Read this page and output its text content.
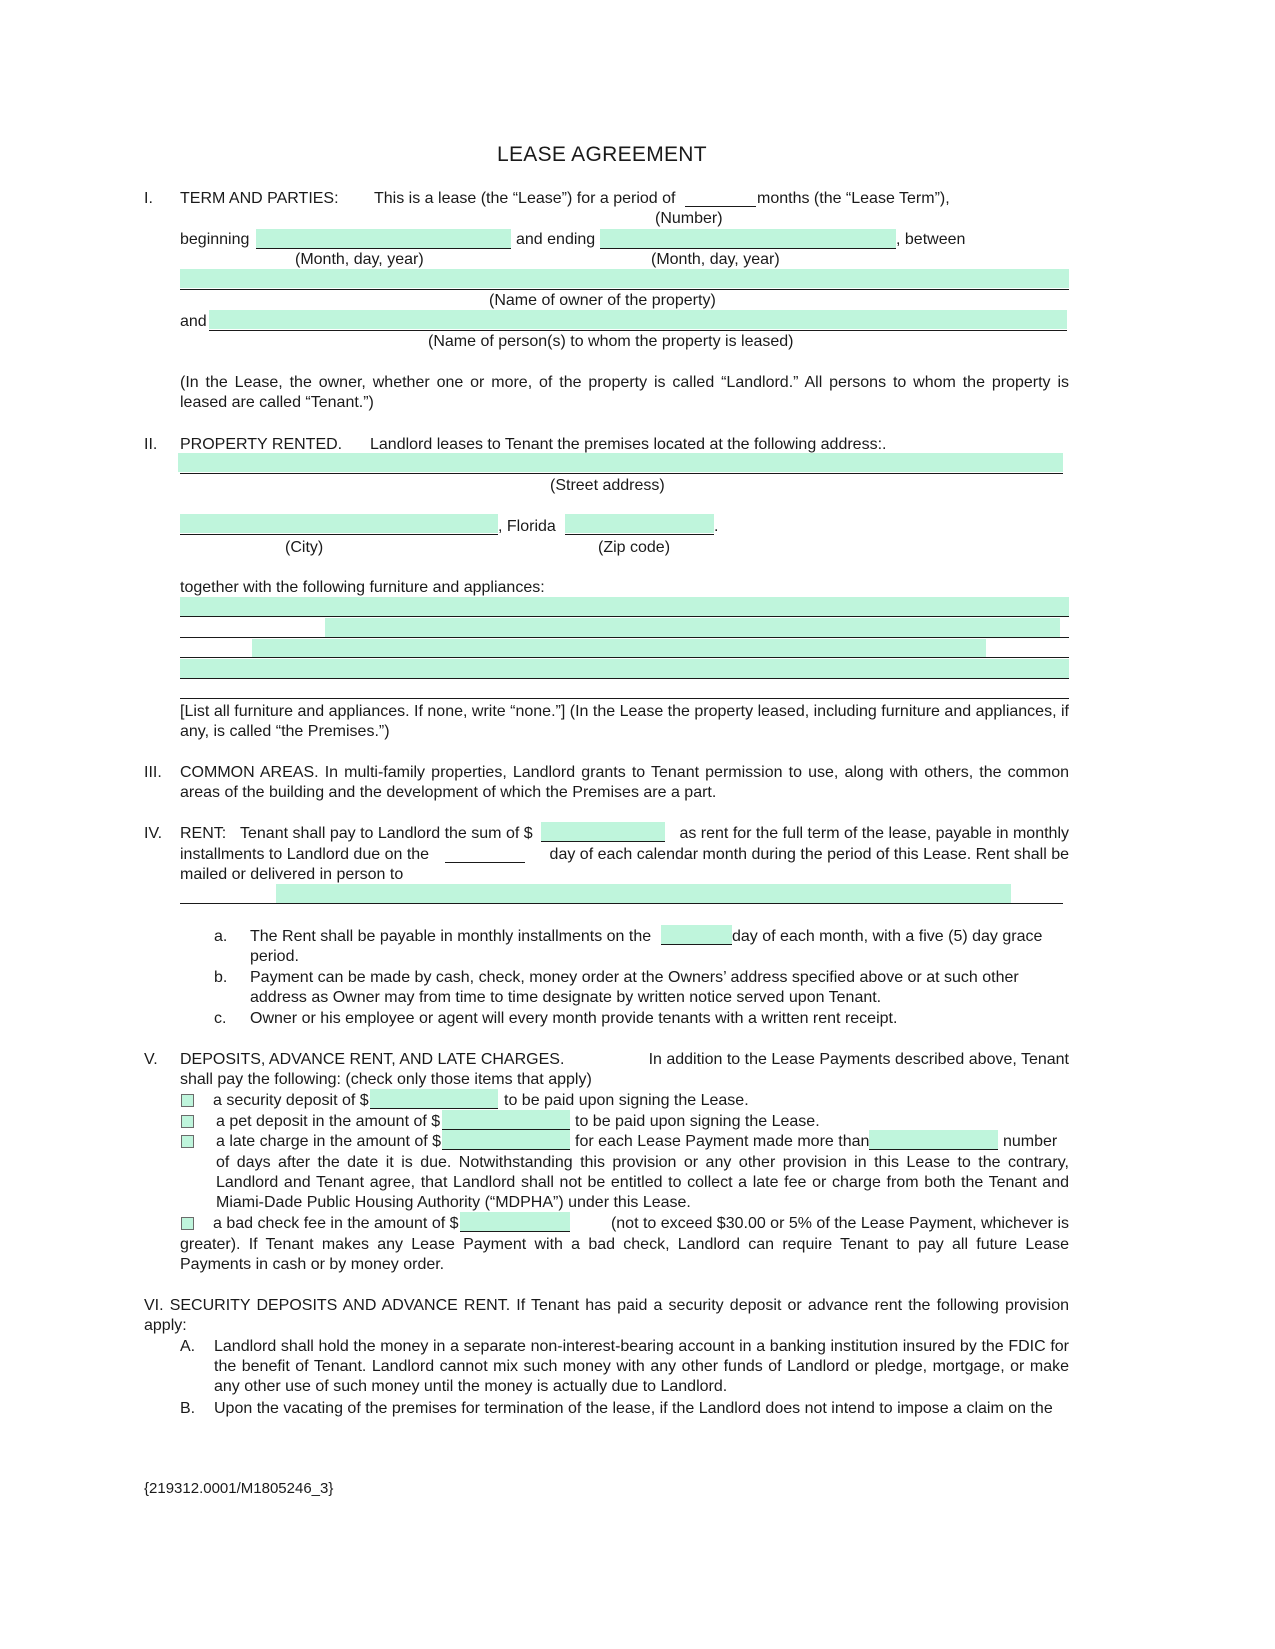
LEASE AGREEMENT
I. TERM AND PARTIES: This is a lease (the “Lease”) for a period of	months (the “Lease Term”),
(Number)
beginning	and ending	, between
(Month, day, year)	(Month, day, year)
(Name of owner of the property)
and
(Name of person(s) to whom the property is leased)
(In the Lease, the owner, whether one or more, of the property is called “Landlord.” All persons to whom the property is leased are called “Tenant.”)
II. PROPERTY RENTED. Landlord leases to Tenant the premises located at the following address:.
(Street address)
, Florida	.
(City)	(Zip code)
together with the following furniture and appliances:
[List all furniture and appliances. If none, write “none.”] (In the Lease the property leased, including furniture and appliances, if any, is called “the Premises.”)
III. COMMON AREAS. In multi-family properties, Landlord grants to Tenant permission to use, along with others, the common areas of the building and the development of which the Premises are a part.
IV. RENT: Tenant shall pay to Landlord the sum of $	as rent for the full term of the lease, payable in monthly
installments to Landlord due on the	day of each calendar month during the period of this Lease. Rent shall be
mailed or delivered in person to
a. The Rent shall be payable in monthly installments on the	day of each month, with a five (5) day grace
period.
b. Payment can be made by cash, check, money order at the Owners’ address specified above or at such other
address as Owner may from time to time designate by written notice served upon Tenant.
c. Owner or his employee or agent will every month provide tenants with a written rent receipt.
V. DEPOSITS, ADVANCE RENT, AND LATE CHARGES.	In addition to the Lease Payments described above, Tenant
shall pay the following: (check only those items that apply)
a security deposit of $	to be paid upon signing the Lease.
a pet deposit in the amount of $	to be paid upon signing the Lease.
a late charge in the amount of $	for each Lease Payment made more than	number
of days after the date it is due. Notwithstanding this provision or any other provision in this Lease to the contrary, Landlord and Tenant agree, that Landlord shall not be entitled to collect a late fee or charge from both the Tenant and Miami-Dade Public Housing Authority (“MDPHA”) under this Lease.
a bad check fee in the amount of $	(not to exceed $30.00 or 5% of the Lease Payment, whichever is
greater). If Tenant makes any Lease Payment with a bad check, Landlord can require Tenant to pay all future Lease Payments in cash or by money order.
VI. SECURITY DEPOSITS AND ADVANCE RENT. If Tenant has paid a security deposit or advance rent the following provision apply:
A. Landlord shall hold the money in a separate non-interest-bearing account in a banking institution insured by the FDIC for the benefit of Tenant. Landlord cannot mix such money with any other funds of Landlord or pledge, mortgage, or make any other use of such money until the money is actually due to Landlord.
B. Upon the vacating of the premises for termination of the lease, if the Landlord does not intend to impose a claim on the
{219312.0001/M1805246_3}
